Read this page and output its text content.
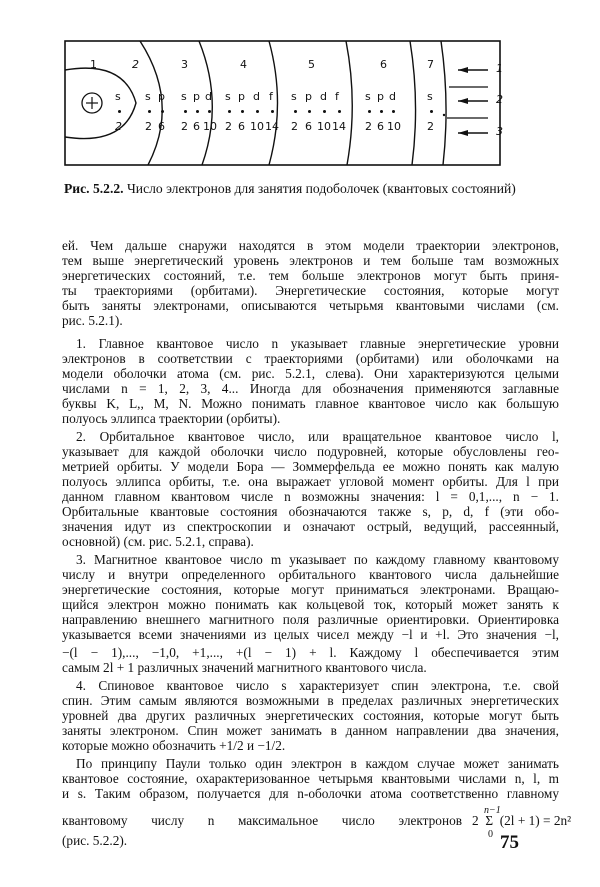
1	2	3	4	5	6	7	1
2
3
s
2
s p
2 6
s p d
2 6 10
s p d f
2 6 10 14
s p d f
2 6 10 14
s p d
2 6 10
s
2
Рис. 5.2.2. Число электронов для занятия подоболочек (квантовых состояний)
ей. Чем дальше снаружи находятся в этом модели траектории электронов,
тем выше энергетический уровень электронов и тем больше там возможных
энергетических состояний, т.е. тем больше электронов могут быть приня-
ты траекториями (орбитами). Энергетические состояния, которые могут
быть заняты электронами, описываются четырьмя квантовыми числами (см.
рис. 5.2.1).
1. Главное квантовое число n указывает главные энергетические уровни
электронов в соответствии с траекториями (орбитами) или оболочками на
модели оболочки атома (см. рис. 5.2.1, слева). Они характеризуются целыми
числами n = 1, 2, 3, 4... Иногда для обозначения применяются заглавные
буквы K, L,, M, N. Можно понимать главное квантовое число как большую
полуось эллипса траектории (орбиты).
2. Орбитальное квантовое число, или вращательное квантовое число l,
указывает для каждой оболочки число подуровней, которые обусловлены гео-
метрией орбиты. У модели Бора — Зоммерфельда ее можно понять как малую
полуось эллипса орбиты, т.е. она выражает угловой момент орбиты. Для l при
данном главном квантовом числе n возможны значения: l = 0,1,..., n − 1.
Орбитальные квантовые состояния обозначаются также s, p, d, f (эти обо-
значения идут из спектроскопии и означают острый, ведущий, рассеянный,
основной) (см. рис. 5.2.1, справа).
3. Магнитное квантовое число m указывает по каждому главному квантовому
числу и внутри определенного орбитального квантового числа дальнейшие
энергетические состояния, которые могут приниматься электронами. Вращаю-
щийся электрон можно понимать как кольцевой ток, который может занять к
направлению внешнего магнитного поля различные ориентировки. Ориентировка
указывается всеми значениями из целых чисел между −l и +l. Это значения −l,
−(l − 1),..., −1,0, +1,..., +(l − 1) + l. Каждому l обеспечивается этим
самым 2l + 1 различных значений магнитного квантового числа.
4. Спиновое квантовое число s характеризует спин электрона, т.е. свой
спин. Этим самым являются возможными в пределах различных энергетических
уровней два других различных энергетических состояния, которые могут быть
заняты электроном. Спин может занимать в данном направлении два значения,
которые можно обозначить +1/2 и −1/2.
По принципу Паули только один электрон в каждом случае может занимать
квантовое состояние, охарактеризованное четырьмя квантовыми числами n, l, m
и s. Таким образом, получается для n-оболочки атома соответственно главному
квантовому числу n максимальное число электронов 2 Σ (2l + 1) = 2n²
n−1
0
(рис. 5.2.2).	75
